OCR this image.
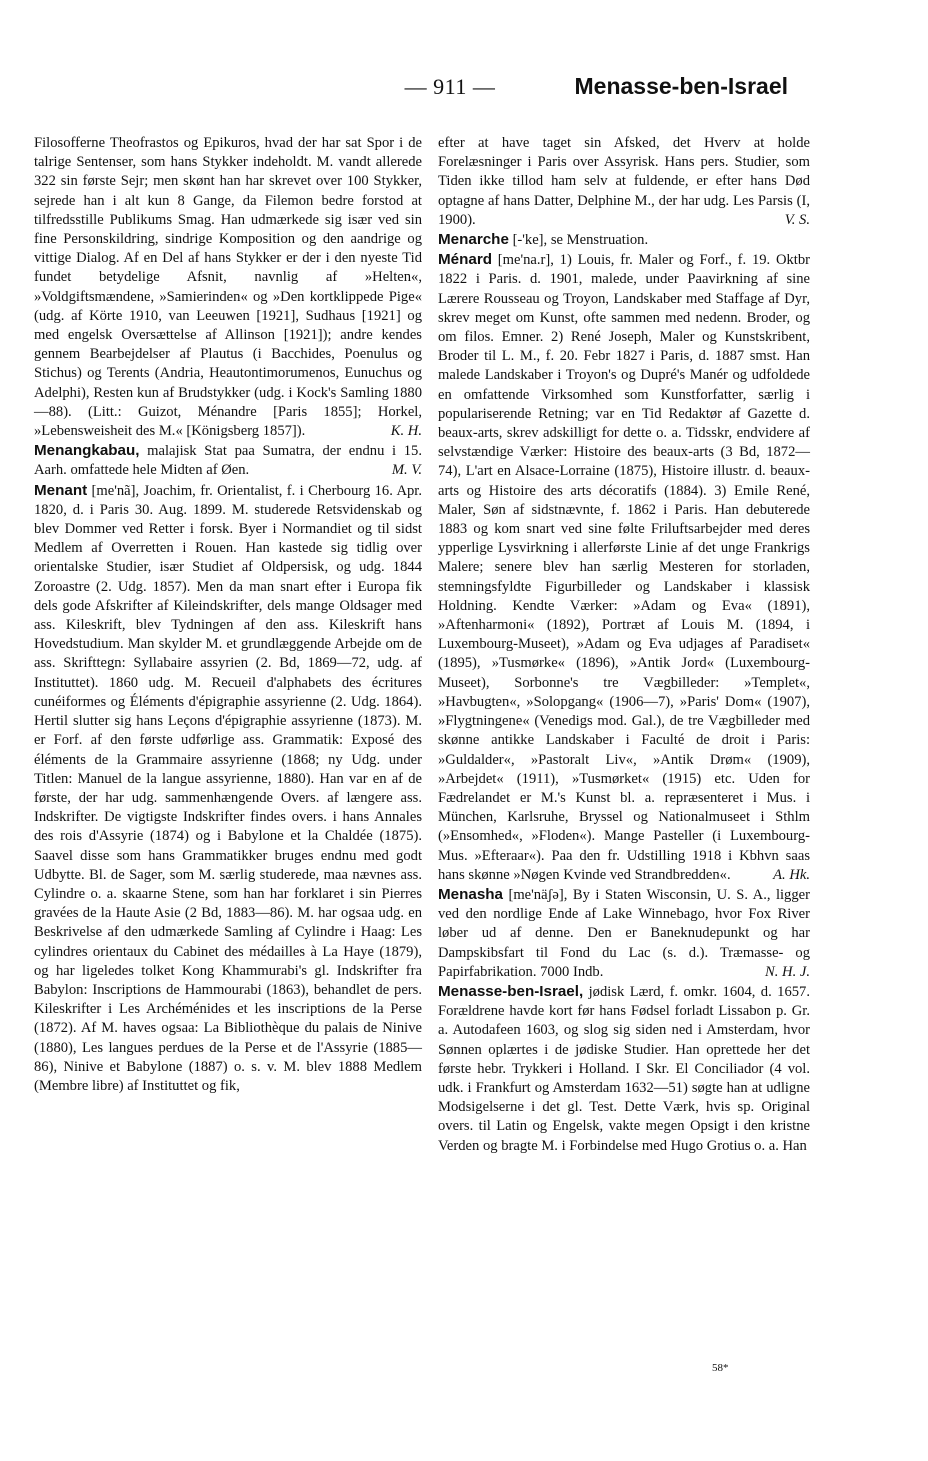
— 911 —	Menasse-ben-Israel

Filosofferne Theofrastos og Epikuros, hvad der har sat Spor i de talrige Sentenser, som hans Stykker indeholdt. M. vandt allerede 322 sin første Sejr; men skønt han har skrevet over 100 Stykker, sejrede han i alt kun 8 Gange, da Filemon bedre forstod at tilfredsstille Publikums Smag. Han udmærkede sig især ved sin fine Personskildring, sindrige Komposition og den aandrige og vittige Dialog. Af en Del af hans Stykker er der i den nyeste Tid fundet betydelige Afsnit, navnlig af »Helten«, »Voldgiftsmændene, »Samierinden« og »Den kortklippede Pige« (udg. af Körte 1910, van Leeuwen [1921], Sudhaus [1921] og med engelsk Oversættelse af Allinson [1921]); andre kendes gennem Bearbejdelser af Plautus (i Bacchides, Poenulus og Stichus) og Terents (Andria, Heautontimorumenos, Eunuchus og Adelphi), Resten kun af Brudstykker (udg. i Kock's Samling 1880—88). (Litt.: Guizot, Ménandre [Paris 1855]; Horkel, »Lebensweisheit des M.« [Königsberg 1857]).	K. H.

Menangkabau, malajisk Stat paa Sumatra, der endnu i 15. Aarh. omfattede hele Midten af Øen.	M. V.

Menant [me'nã], Joachim, fr. Orientalist, f. i Cherbourg 16. Apr. 1820, d. i Paris 30. Aug. 1899. M. studerede Retsvidenskab og blev Dommer ved Retter i forsk. Byer i Normandiet og til sidst Medlem af Overretten i Rouen. Han kastede sig tidlig over orientalske Studier, især Studiet af Oldpersisk, og udg. 1844 Zoroastre (2. Udg. 1857). Men da man snart efter i Europa fik dels gode Afskrifter af Kileindskrifter, dels mange Oldsager med ass. Kileskrift, blev Tydningen af den ass. Kileskrift hans Hovedstudium. Man skylder M. et grundlæggende Arbejde om de ass. Skrifttegn: Syllabaire assyrien (2. Bd, 1869—72, udg. af Instituttet). 1860 udg. M. Recueil d'alphabets des écritures cunéiformes og Éléments d'épigraphie assyrienne (2. Udg. 1864). Hertil slutter sig hans Leçons d'épigraphie assyrienne (1873). M. er Forf. af den første udførlige ass. Grammatik: Exposé des éléments de la Grammaire assyrienne (1868; ny Udg. under Titlen: Manuel de la langue assyrienne, 1880). Han var en af de første, der har udg. sammenhængende Overs. af længere ass. Indskrifter. De vigtigste Indskrifter findes overs. i hans Annales des rois d'Assyrie (1874) og i Babylone et la Chaldée (1875). Saavel disse som hans Grammatikker bruges endnu med godt Udbytte. Bl. de Sager, som M. særlig studerede, maa nævnes ass. Cylindre o. a. skaarne Stene, som han har forklaret i sin Pierres gravées de la Haute Asie (2 Bd, 1883—86). M. har ogsaa udg. en Beskrivelse af den udmærkede Samling af Cylindre i Haag: Les cylindres orientaux du Cabinet des médailles à La Haye (1879), og har ligeledes tolket Kong Khammurabi's gl. Indskrifter fra Babylon: Inscriptions de Hammourabi (1863), behandlet de pers. Kileskrifter i Les Archéménides et les inscriptions de la Perse (1872). Af M. haves ogsaa: La Bibliothèque du palais de Ninive (1880), Les langues perdues de la Perse et de l'Assyrie (1885—86), Ninive et Babylone (1887) o. s. v. M. blev 1888 Medlem (Membre libre) af Instituttet og fik,

efter at have taget sin Afsked, det Hverv at holde Forelæsninger i Paris over Assyrisk. Hans pers. Studier, som Tiden ikke tillod ham selv at fuldende, er efter hans Død optagne af hans Datter, Delphine M., der har udg. Les Parsis (I, 1900).	V. S.

Menarche [-'ke], se Menstruation.

Ménard [me'na.r], 1) Louis, fr. Maler og Forf., f. 19. Oktbr 1822 i Paris. d. 1901, malede, under Paavirkning af sine Lærere Rousseau og Troyon, Landskaber med Staffage af Dyr, skrev meget om Kunst, ofte sammen med nedenn. Broder, og om filos. Emner. 2) René Joseph, Maler og Kunstskribent, Broder til L. M., f. 20. Febr 1827 i Paris, d. 1887 smst. Han malede Landskaber i Troyon's og Dupré's Manér og udfoldede en omfattende Virksomhed som Kunstforfatter, særlig i populariserende Retning; var en Tid Redaktør af Gazette d. beaux-arts, skrev adskilligt for dette o. a. Tidsskr, endvidere af selvstændige Værker: Histoire des beaux-arts (3 Bd, 1872—74), L'art en Alsace-Lorraine (1875), Histoire illustr. d. beaux-arts og Histoire des arts décoratifs (1884). 3) Emile René, Maler, Søn af sidstnævnte, f. 1862 i Paris. Han debuterede 1883 og kom snart ved sine følte Friluftsarbejder med deres ypperlige Lysvirkning i allerførste Linie af det unge Frankrigs Malere; senere blev han særlig Mesteren for storladen, stemningsfyldte Figurbilleder og Landskaber i klassisk Holdning. Kendte Værker: »Adam og Eva« (1891), »Aftenharmoni« (1892), Portræt af Louis M. (1894, i Luxembourg-Museet), »Adam og Eva udjages af Paradiset« (1895), »Tusmørke« (1896), »Antik Jord« (Luxembourg-Museet), Sorbonne's tre Vægbilleder: »Templet«, »Havbugten«, »Solopgang« (1906—7), »Paris' Dom« (1907), »Flygtningene« (Venedigs mod. Gal.), de tre Vægbilleder med skønne antikke Landskaber i Faculté de droit i Paris: »Guldalder«, »Pastoralt Liv«, »Antik Drøm« (1909), »Arbejdet« (1911), »Tusmørket« (1915) etc. Uden for Fædrelandet er M.'s Kunst bl. a. repræsenteret i Mus. i München, Karlsruhe, Bryssel og Nationalmuseet i Sthlm (»Ensomhed«, »Floden«). Mange Pasteller (i Luxembourg-Mus. »Efteraar«). Paa den fr. Udstilling 1918 i Kbhvn saas hans skønne »Nøgen Kvinde ved Strandbredden«.	A. Hk.

Menasha [me'näʃə], By i Staten Wisconsin, U. S. A., ligger ved den nordlige Ende af Lake Winnebago, hvor Fox River løber ud af denne. Den er Baneknudepunkt og har Dampskibsfart til Fond du Lac (s. d.). Træmasse- og Papirfabrikation. 7000 Indb.	N. H. J.

Menasse-ben-Israel, jødisk Lærd, f. omkr. 1604, d. 1657. Forældrene havde kort før hans Fødsel forladt Lissabon p. Gr. a. Autodafeen 1603, og slog sig siden ned i Amsterdam, hvor Sønnen oplærtes i de jødiske Studier. Han oprettede her det første hebr. Trykkeri i Holland. I Skr. El Conciliador (4 vol. udk. i Frankfurt og Amsterdam 1632—51) søgte han at udligne Modsigelserne i det gl. Test. Dette Værk, hvis sp. Original overs. til Latin og Engelsk, vakte megen Opsigt i den kristne Verden og bragte M. i Forbindelse med Hugo Grotius o. a. Han

58*
